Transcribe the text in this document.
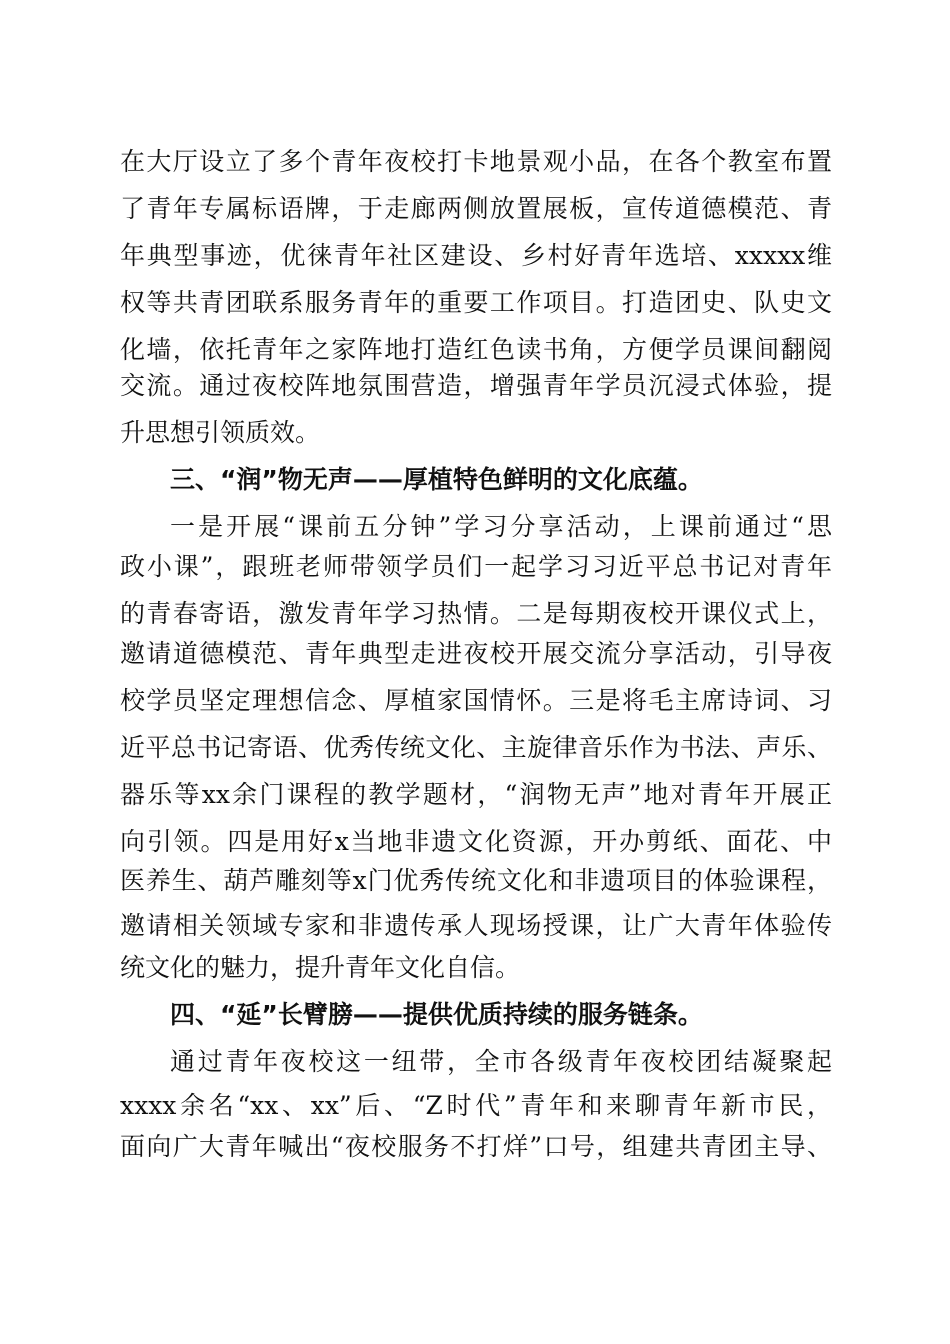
在大厅设立了多个青年夜校打卡地景观小品，在各个教室布置
了青年专属标语牌，于走廊两侧放置展板，宣传道德模范、青
年典型事迹，优徕青年社区建设、乡村好青年选培、xxxxx维
权等共青团联系服务青年的重要工作项目。打造团史、队史文
化墙，依托青年之家阵地打造红色读书角，方便学员课间翻阅
交流。通过夜校阵地氛围营造，增强青年学员沉浸式体验，提
升思想引领质效。
三、“润”物无声——厚植特色鲜明的文化底蕴。
一是开展“课前五分钟”学习分享活动，上课前通过“思
政小课”，跟班老师带领学员们一起学习习近平总书记对青年
的青春寄语，激发青年学习热情。二是每期夜校开课仪式上，
邀请道德模范、青年典型走进夜校开展交流分享活动，引导夜
校学员坚定理想信念、厚植家国情怀。三是将毛主席诗词、习
近平总书记寄语、优秀传统文化、主旋律音乐作为书法、声乐、
器乐等xx余门课程的教学题材，“润物无声”地对青年开展正
向引领。四是用好x当地非遗文化资源，开办剪纸、面花、中
医养生、葫芦雕刻等x门优秀传统文化和非遗项目的体验课程，
邀请相关领域专家和非遗传承人现场授课，让广大青年体验传
统文化的魅力，提升青年文化自信。
四、“延”长臂膀——提供优质持续的服务链条。
通过青年夜校这一纽带，全市各级青年夜校团结凝聚起
xxxx余名“xx、xx”后、“Z时代”青年和来聊青年新市民，
面向广大青年喊出“夜校服务不打烊”口号，组建共青团主导、
